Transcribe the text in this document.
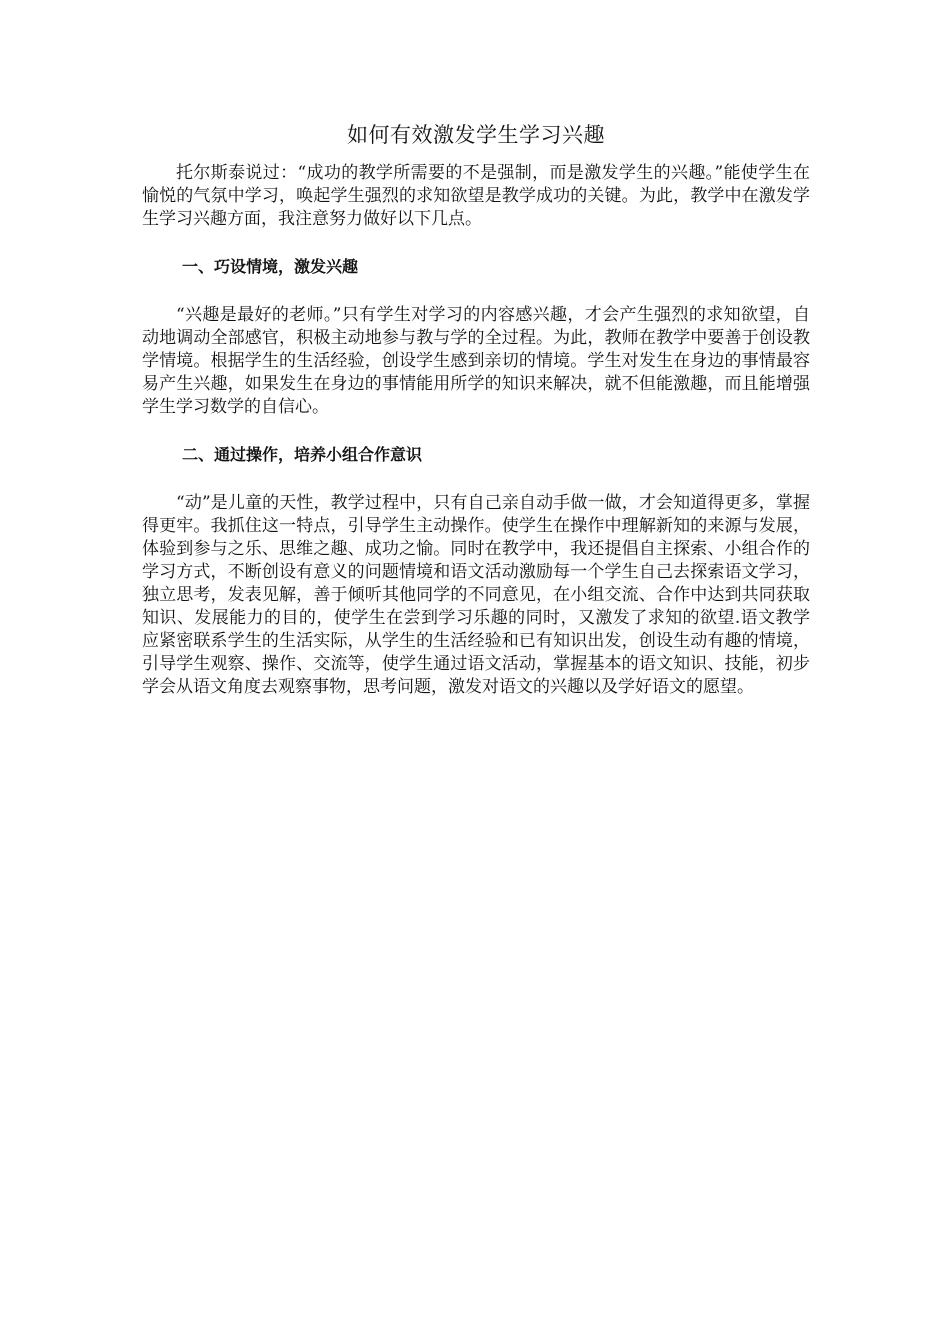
如何有效激发学生学习兴趣

托尔斯泰说过：“成功的教学所需要的不是强制，而是激发学生的兴趣。”能使学生在愉悦的气氛中学习，唤起学生强烈的求知欲望是教学成功的关键。为此，教学中在激发学生学习兴趣方面，我注意努力做好以下几点。

一、巧设情境，激发兴趣

“兴趣是最好的老师。”只有学生对学习的内容感兴趣，才会产生强烈的求知欲望，自动地调动全部感官，积极主动地参与教与学的全过程。为此，教师在教学中要善于创设教学情境。根据学生的生活经验，创设学生感到亲切的情境。学生对发生在身边的事情最容易产生兴趣，如果发生在身边的事情能用所学的知识来解决，就不但能激趣，而且能增强学生学习数学的自信心。

二、通过操作，培养小组合作意识

“动”是儿童的天性，教学过程中，只有自己亲自动手做一做，才会知道得更多，掌握得更牢。我抓住这一特点，引导学生主动操作。使学生在操作中理解新知的来源与发展，体验到参与之乐、思维之趣、成功之愉。同时在教学中，我还提倡自主探索、小组合作的学习方式，不断创设有意义的问题情境和语文活动激励每一个学生自己去探索语文学习，独立思考，发表见解，善于倾听其他同学的不同意见，在小组交流、合作中达到共同获取知识、发展能力的目的，使学生在尝到学习乐趣的同时，又激发了求知的欲望.语文教学应紧密联系学生的生活实际，从学生的生活经验和已有知识出发，创设生动有趣的情境，引导学生观察、操作、交流等，使学生通过语文活动，掌握基本的语文知识、技能，初步学会从语文角度去观察事物，思考问题，激发对语文的兴趣以及学好语文的愿望。
